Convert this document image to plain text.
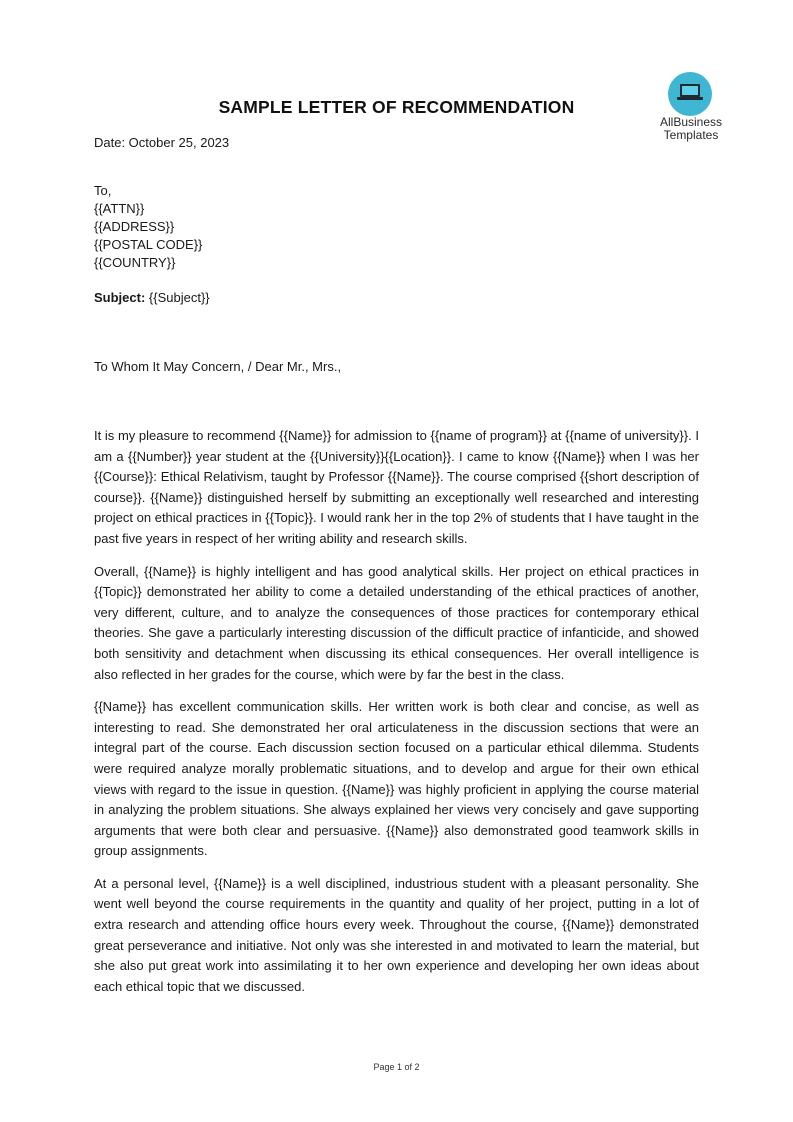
AllBusiness
Templates
SAMPLE LETTER OF RECOMMENDATION
Date: October 25, 2023
To,
{{ATTN}}
{{ADDRESS}}
{{POSTAL CODE}}
{{COUNTRY}}
Subject: {{Subject}}
To Whom It May Concern, / Dear Mr., Mrs.,

It is my pleasure to recommend {{Name}} for admission to {{name of program}} at {{name of university}}. I am a {{Number}} year student at the {{University}}{{Location}}. I came to know {{Name}} when I was her {{Course}}: Ethical Relativism, taught by Professor {{Name}}. The course comprised {{short description of course}}. {{Name}} distinguished herself by submitting an exceptionally well researched and interesting project on ethical practices in {{Topic}}. I would rank her in the top 2% of students that I have taught in the past five years in respect of her writing ability and research skills.

Overall, {{Name}} is highly intelligent and has good analytical skills. Her project on ethical practices in {{Topic}} demonstrated her ability to come a detailed understanding of the ethical practices of another, very different, culture, and to analyze the consequences of those practices for contemporary ethical theories. She gave a particularly interesting discussion of the difficult practice of infanticide, and showed both sensitivity and detachment when discussing its ethical consequences. Her overall intelligence is also reflected in her grades for the course, which were by far the best in the class.

{{Name}} has excellent communication skills. Her written work is both clear and concise, as well as interesting to read. She demonstrated her oral articulateness in the discussion sections that were an integral part of the course. Each discussion section focused on a particular ethical dilemma. Students were required analyze morally problematic situations, and to develop and argue for their own ethical views with regard to the issue in question. {{Name}} was highly proficient in applying the course material in analyzing the problem situations. She always explained her views very concisely and gave supporting arguments that were both clear and persuasive. {{Name}} also demonstrated good teamwork skills in group assignments.

At a personal level, {{Name}} is a well disciplined, industrious student with a pleasant personality. She went well beyond the course requirements in the quantity and quality of her project, putting in a lot of extra research and attending office hours every week. Throughout the course, {{Name}} demonstrated great perseverance and initiative. Not only was she interested in and motivated to learn the material, but she also put great work into assimilating it to her own experience and developing her own ideas about each ethical topic that we discussed.

Page 1 of 2
